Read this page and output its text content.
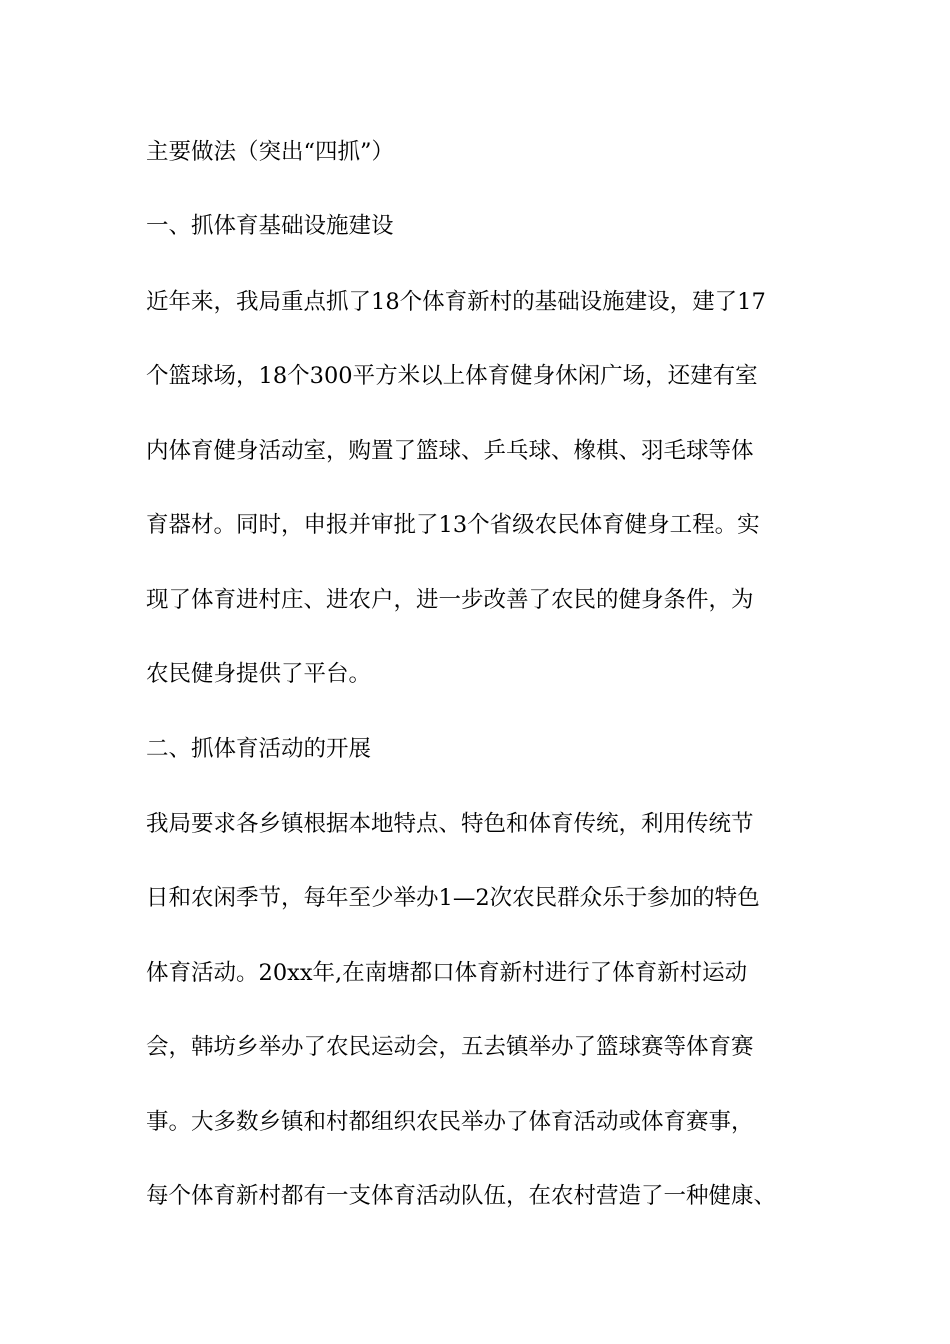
主要做法（突出“四抓”）
一、抓体育基础设施建设
近年来，我局重点抓了18个体育新村的基础设施建设，建了17
个篮球场，18个300平方米以上体育健身休闲广场，还建有室
内体育健身活动室，购置了篮球、乒乓球、橡棋、羽毛球等体
育器材。同时，申报并审批了13个省级农民体育健身工程。实
现了体育进村庄、进农户，进一步改善了农民的健身条件，为
农民健身提供了平台。
二、抓体育活动的开展
我局要求各乡镇根据本地特点、特色和体育传统，利用传统节
日和农闲季节，每年至少举办1—2次农民群众乐于参加的特色
体育活动。20xx年,在南塘都口体育新村进行了体育新村运动
会，韩坊乡举办了农民运动会，五去镇举办了篮球赛等体育赛
事。大多数乡镇和村都组织农民举办了体育活动或体育赛事，
每个体育新村都有一支体育活动队伍，在农村营造了一种健康、
